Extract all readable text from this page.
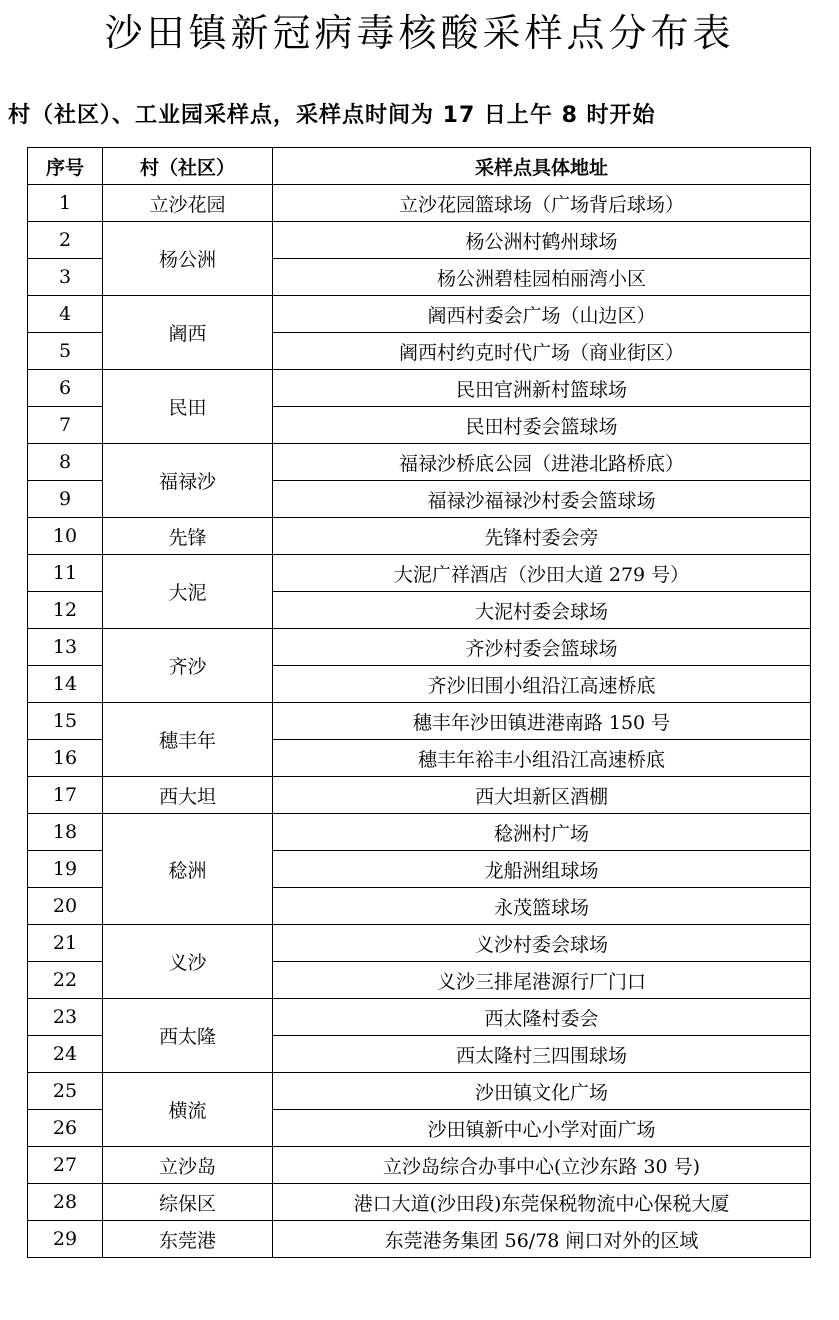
沙田镇新冠病毒核酸采样点分布表
村（社区）、工业园采样点，采样点时间为 17 日上午 8 时开始
序号	村（社区）	采样点具体地址
1	立沙花园	立沙花园篮球场（广场背后球场）
2	杨公洲	杨公洲村鹤州球场
3		杨公洲碧桂园柏丽湾小区
4	阇西	阇西村委会广场（山边区）
5		阇西村约克时代广场（商业街区）
6	民田	民田官洲新村篮球场
7		民田村委会篮球场
8	福禄沙	福禄沙桥底公园（进港北路桥底）
9		福禄沙福禄沙村委会篮球场
10	先锋	先锋村委会旁
11	大泥	大泥广祥酒店（沙田大道 279 号）
12		大泥村委会球场
13	齐沙	齐沙村委会篮球场
14		齐沙旧围小组沿江高速桥底
15	穗丰年	穗丰年沙田镇进港南路 150 号
16		穗丰年裕丰小组沿江高速桥底
17	西大坦	西大坦新区酒棚
18	稔洲	稔洲村广场
19		龙船洲组球场
20		永茂篮球场
21	义沙	义沙村委会球场
22		义沙三排尾港源行厂门口
23	西太隆	西太隆村委会
24		西太隆村三四围球场
25	横流	沙田镇文化广场
26		沙田镇新中心小学对面广场
27	立沙岛	立沙岛综合办事中心(立沙东路 30 号)
28	综保区	港口大道(沙田段)东莞保税物流中心保税大厦
29	东莞港	东莞港务集团 56/78 闸口对外的区域
